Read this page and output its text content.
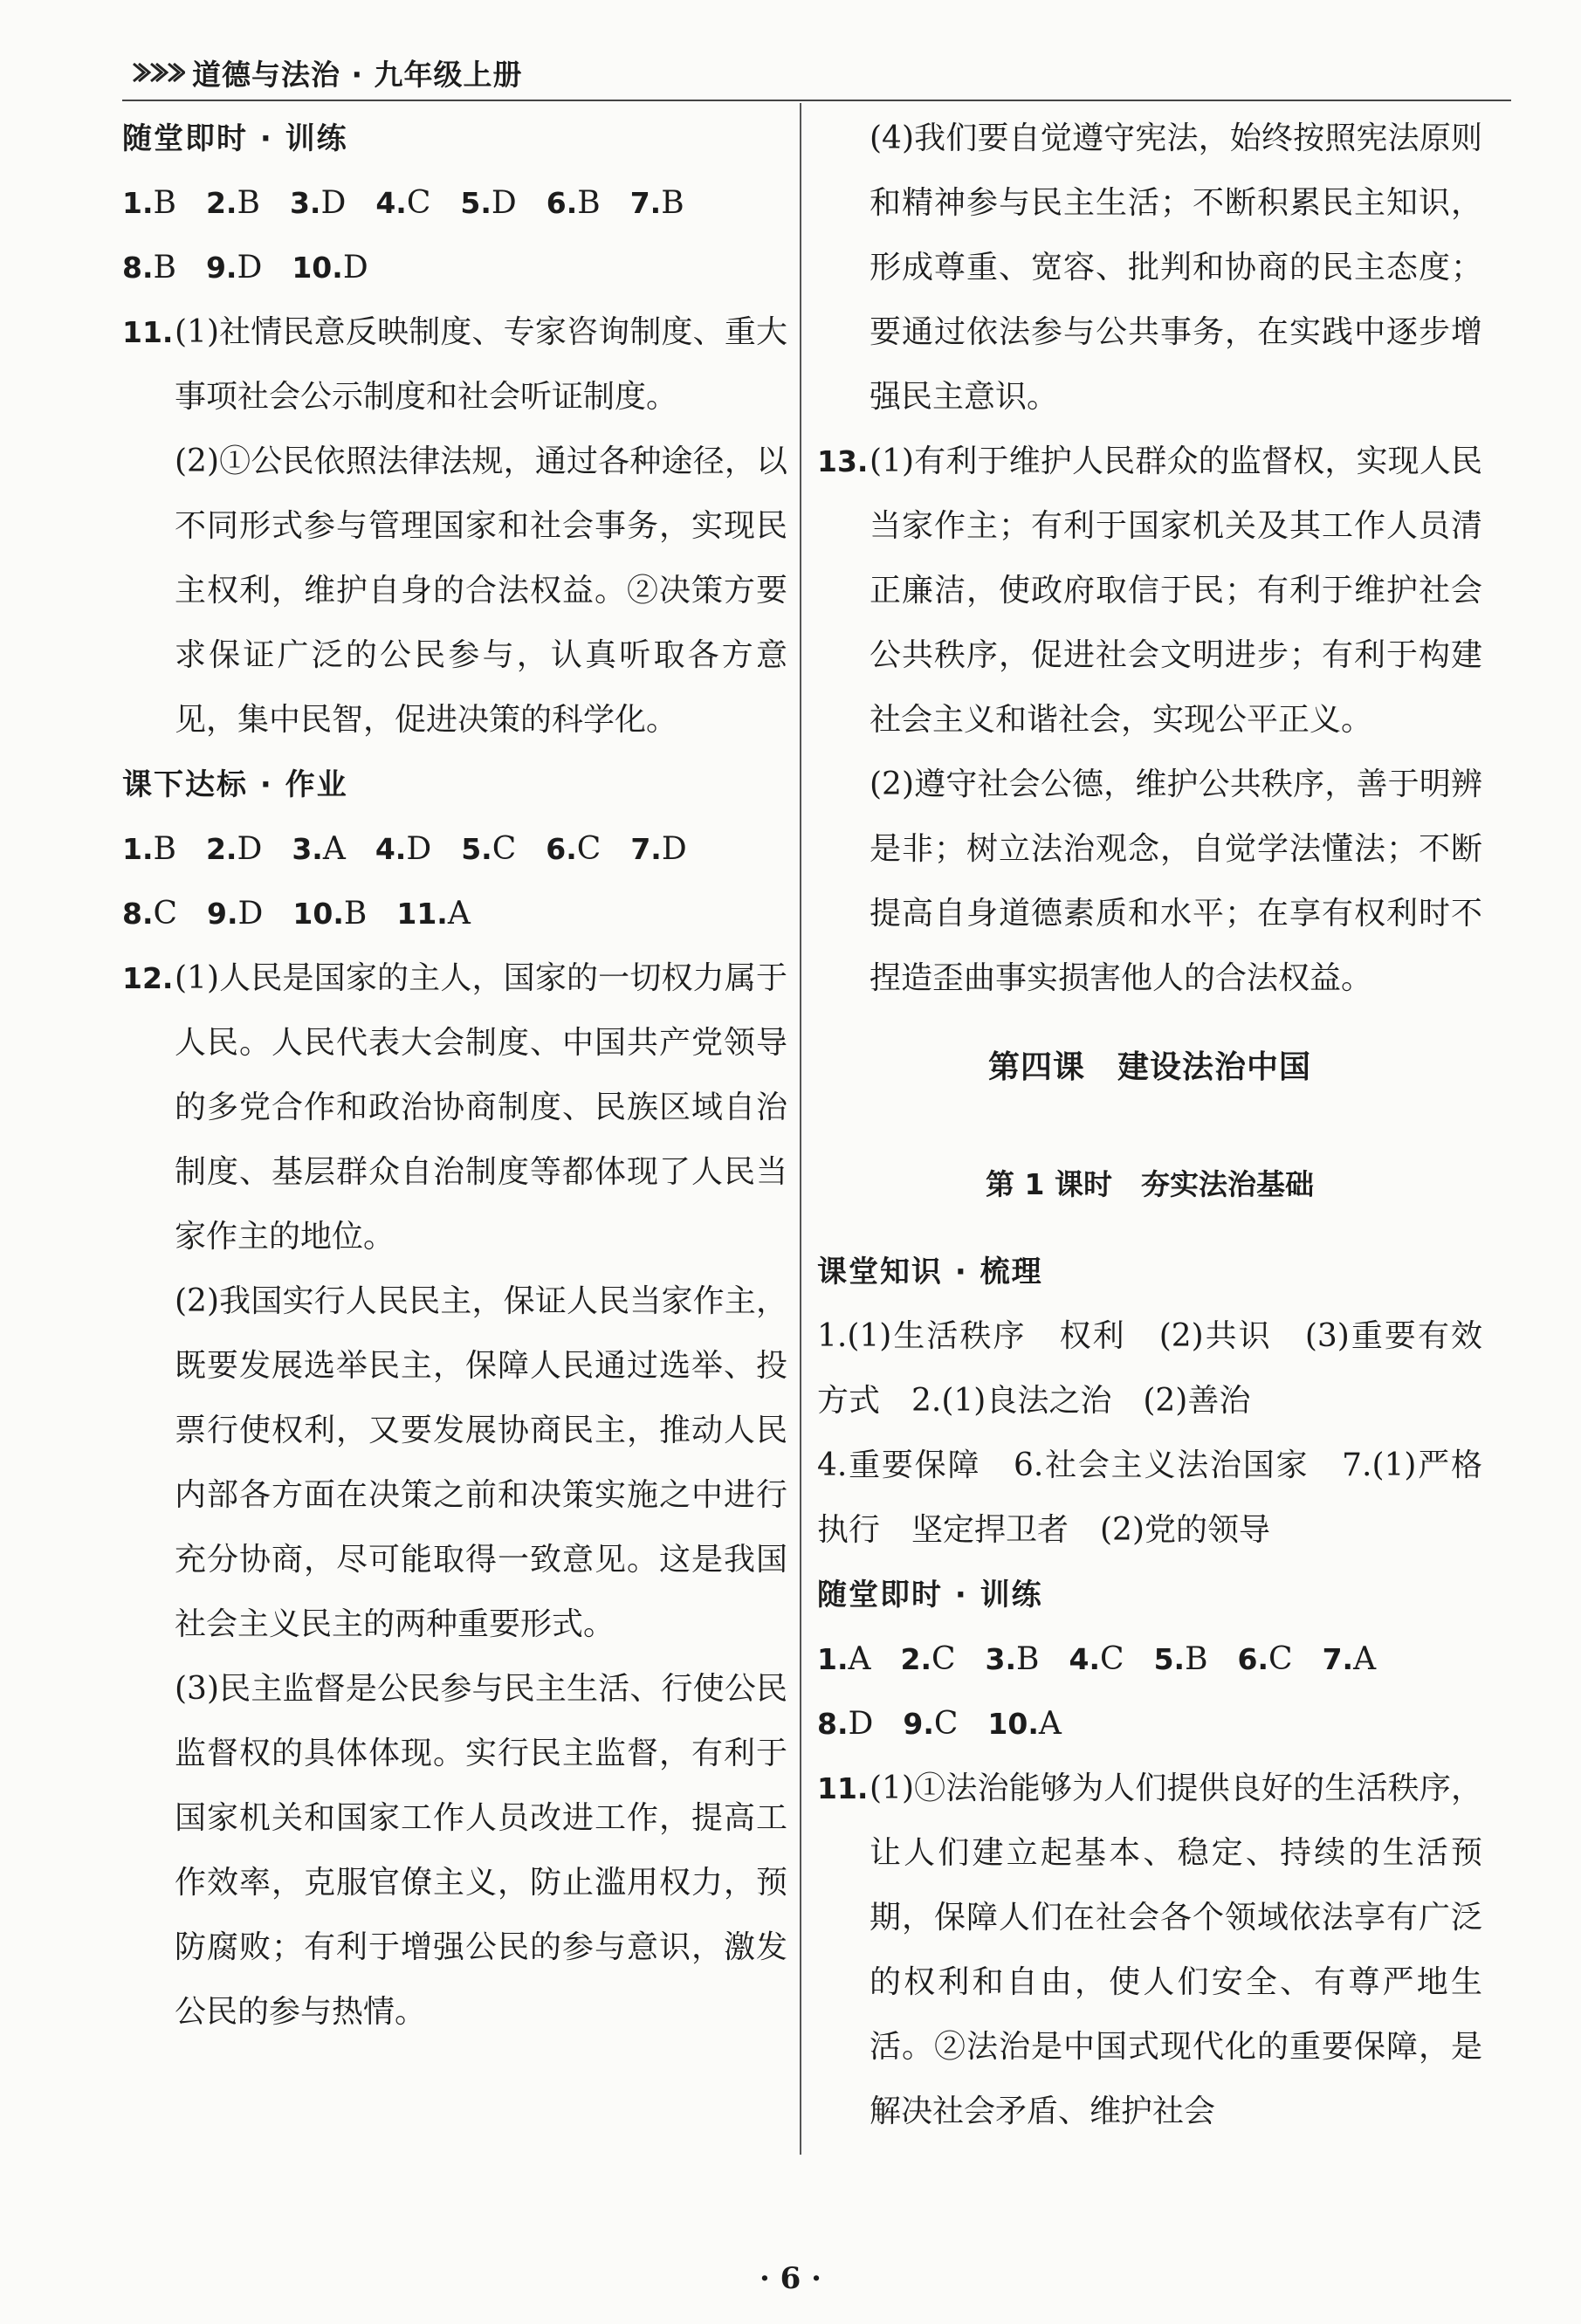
道德与法治 · 九年级上册
随堂即时 · 训练
1.B 2.B 3.D 4.C 5.D 6.B 7.B
8.B 9.D 10.D
11. (1)社情民意反映制度、专家咨询制度、重大事项社会公示制度和社会听证制度。
(2)①公民依照法律法规，通过各种途径，以不同形式参与管理国家和社会事务，实现民主权利，维护自身的合法权益。②决策方要求保证广泛的公民参与，认真听取各方意见，集中民智，促进决策的科学化。
课下达标 · 作业
1.B 2.D 3.A 4.D 5.C 6.C 7.D
8.C 9.D 10.B 11.A
12. (1)人民是国家的主人，国家的一切权力属于人民。人民代表大会制度、中国共产党领导的多党合作和政治协商制度、民族区域自治制度、基层群众自治制度等都体现了人民当家作主的地位。
(2)我国实行人民民主，保证人民当家作主，既要发展选举民主，保障人民通过选举、投票行使权利，又要发展协商民主，推动人民内部各方面在决策之前和决策实施之中进行充分协商，尽可能取得一致意见。这是我国社会主义民主的两种重要形式。
(3)民主监督是公民参与民主生活、行使公民监督权的具体体现。实行民主监督，有利于国家机关和国家工作人员改进工作，提高工作效率，克服官僚主义，防止滥用权力，预防腐败；有利于增强公民的参与意识，激发公民的参与热情。
(4)我们要自觉遵守宪法，始终按照宪法原则和精神参与民主生活；不断积累民主知识，形成尊重、宽容、批判和协商的民主态度；要通过依法参与公共事务，在实践中逐步增强民主意识。
13. (1)有利于维护人民群众的监督权，实现人民当家作主；有利于国家机关及其工作人员清正廉洁，使政府取信于民；有利于维护社会公共秩序，促进社会文明进步；有利于构建社会主义和谐社会，实现公平正义。
(2)遵守社会公德，维护公共秩序，善于明辨是非；树立法治观念，自觉学法懂法；不断提高自身道德素质和水平；在享有权利时不捏造歪曲事实损害他人的合法权益。
第四课　建设法治中国
第 1 课时　夯实法治基础
课堂知识 · 梳理
1.(1)生活秩序　权利　(2)共识　(3)重要有效方式　2.(1)良法之治　(2)善治
4.重要保障　6.社会主义法治国家　7.(1)严格执行　坚定捍卫者　(2)党的领导
随堂即时 · 训练
1.A 2.C 3.B 4.C 5.B 6.C 7.A
8.D 9.C 10.A
11. (1)①法治能够为人们提供良好的生活秩序，让人们建立起基本、稳定、持续的生活预期，保障人们在社会各个领域依法享有广泛的权利和自由，使人们安全、有尊严地生活。②法治是中国式现代化的重要保障，是解决社会矛盾、维护社会
· 6 ·
